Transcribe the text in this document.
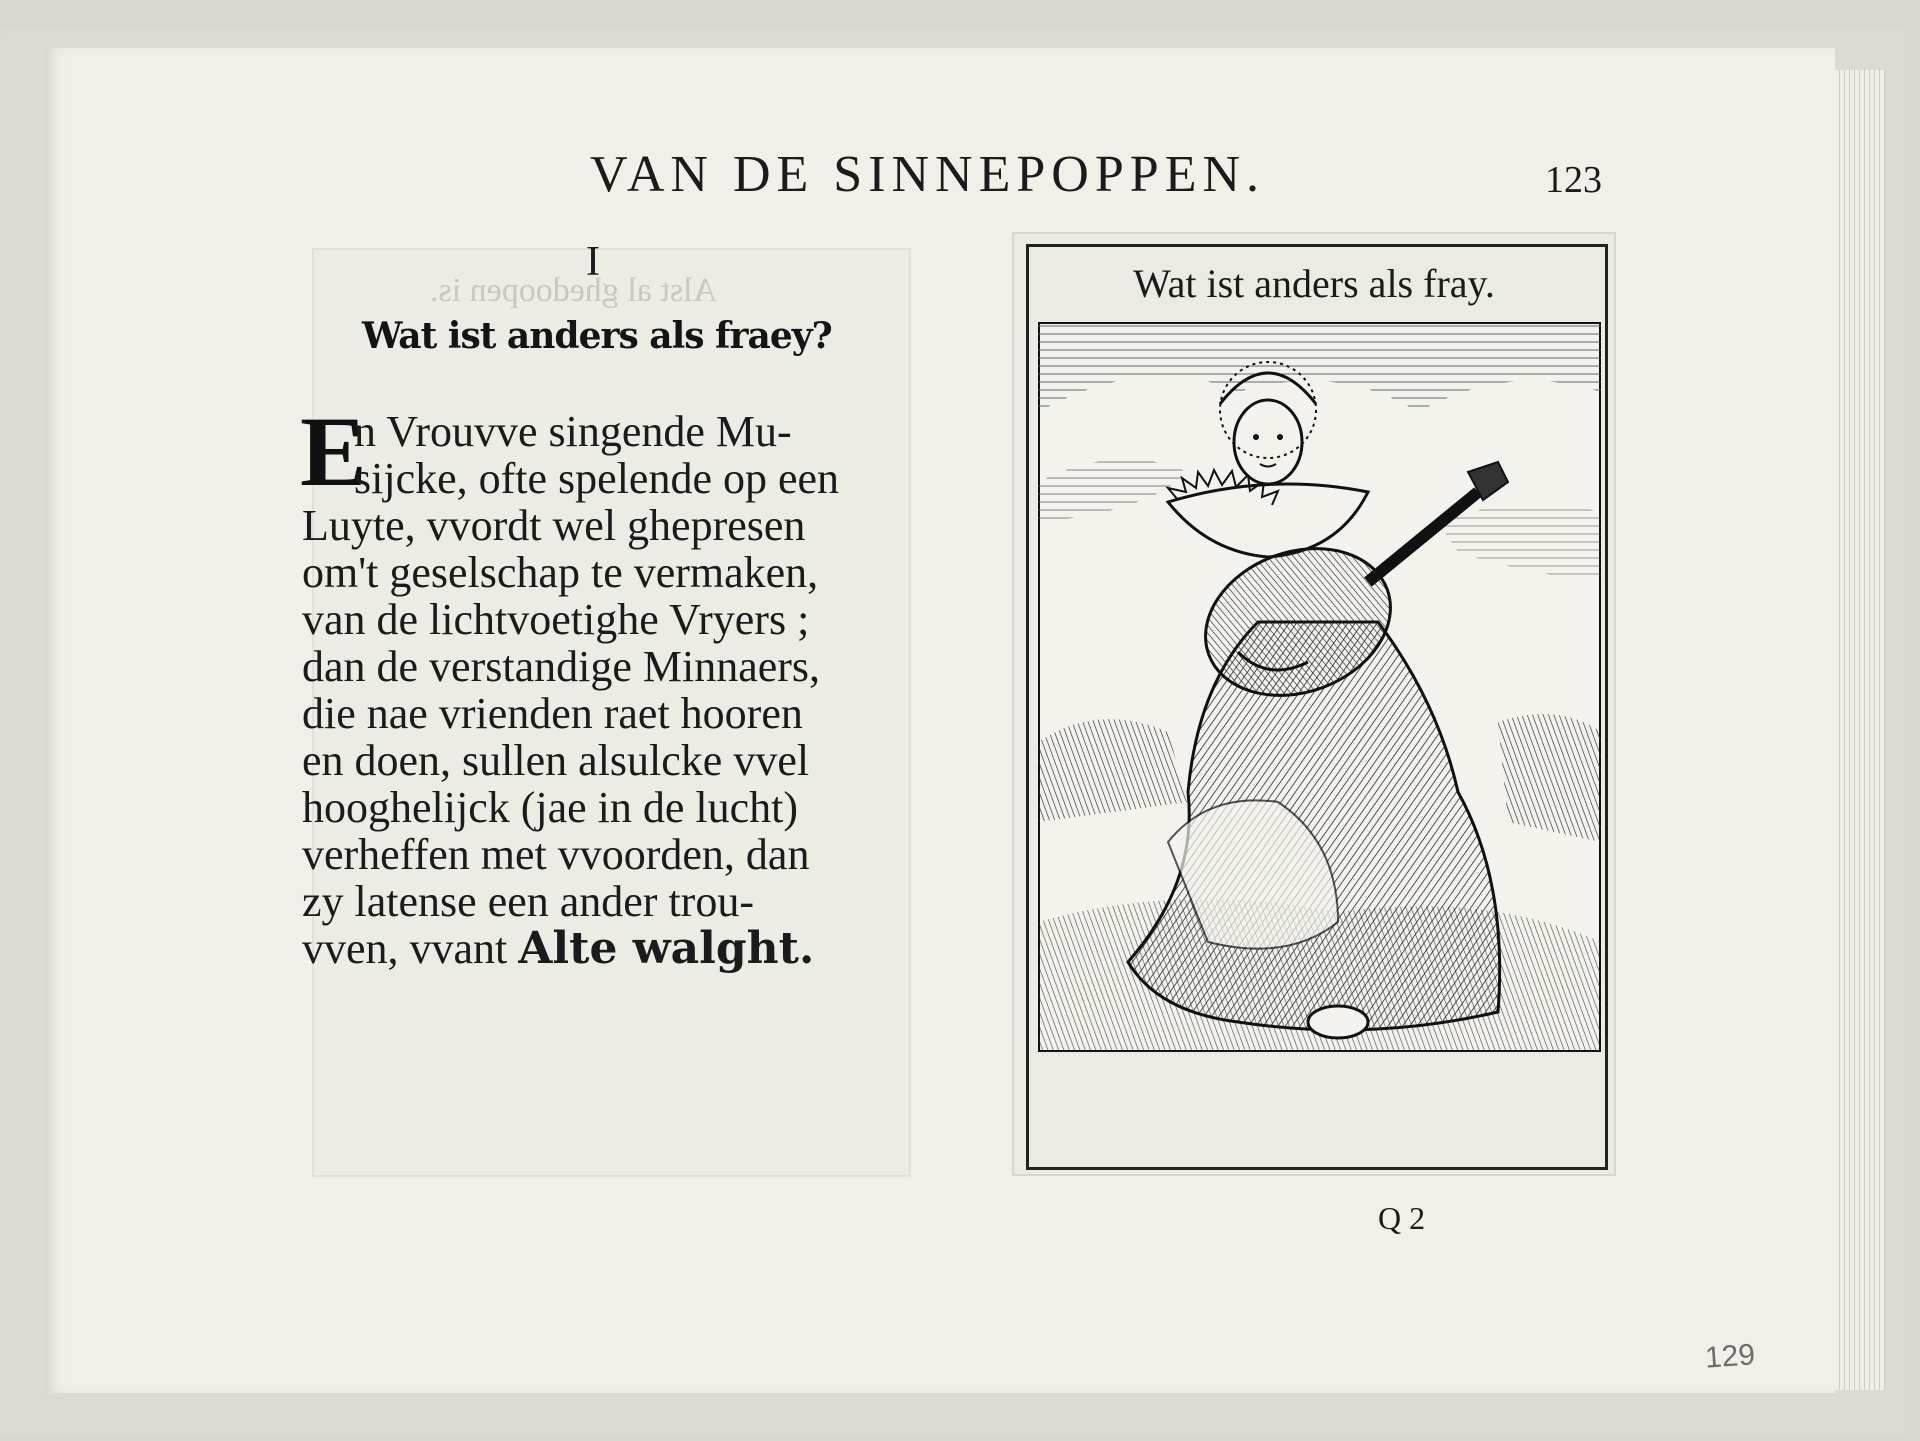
VAN DE SINNEPOPPEN.	123
Alst al ghedoopen is.
I
Wat ist anders als fraey?
E
n Vrouvve singende Mu-
sijcke, ofte spelende op een
Luyte, vvordt wel ghepresen
om't geselschap te vermaken,
van de lichtvoetighe Vryers ;
dan de verstandige Minnaers,
die nae vrienden raet hooren
en doen, sullen alsulcke vvel
hooghelijck (jae in de lucht)
verheffen met vvoorden, dan
zy latense een ander trou-
vven, vvant Alte walght.
Wat ist anders als fray.
Q 2
129
